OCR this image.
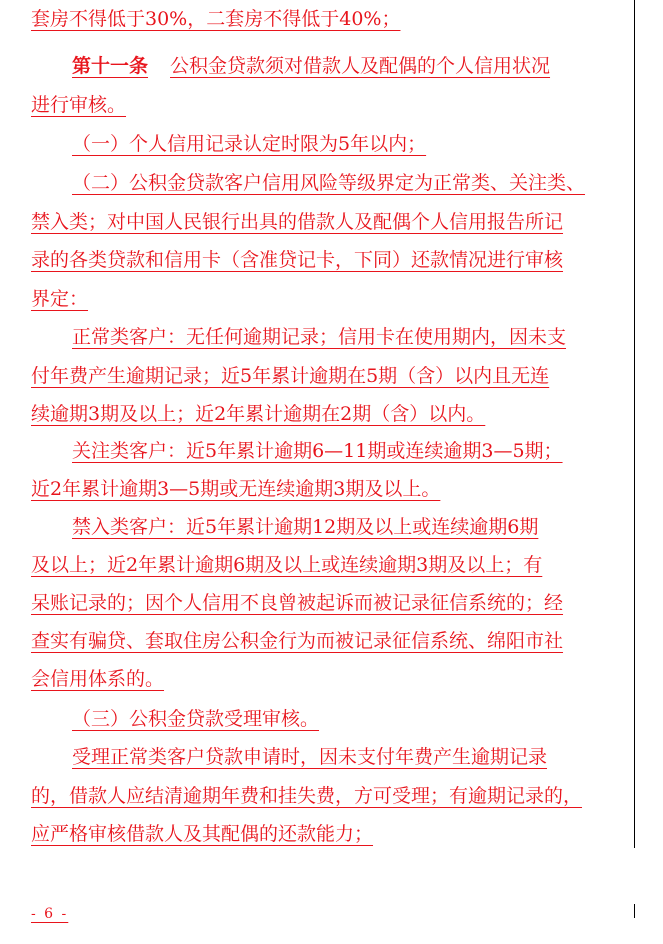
套房不得低于30%，二套房不得低于40%；
第十一条 公积金贷款须对借款人及配偶的个人信用状况
进行审核。
（一）个人信用记录认定时限为5年以内；
（二）公积金贷款客户信用风险等级界定为正常类、关注类、
禁入类；对中国人民银行出具的借款人及配偶个人信用报告所记
录的各类贷款和信用卡（含准贷记卡，下同）还款情况进行审核
界定：
正常类客户：无任何逾期记录；信用卡在使用期内，因未支
付年费产生逾期记录；近5年累计逾期在5期（含）以内且无连
续逾期3期及以上；近2年累计逾期在2期（含）以内。
关注类客户：近5年累计逾期6—11期或连续逾期3—5期；
近2年累计逾期3—5期或无连续逾期3期及以上。
禁入类客户：近5年累计逾期12期及以上或连续逾期6期
及以上；近2年累计逾期6期及以上或连续逾期3期及以上；有
呆账记录的；因个人信用不良曾被起诉而被记录征信系统的；经
查实有骗贷、套取住房公积金行为而被记录征信系统、绵阳市社
会信用体系的。
（三）公积金贷款受理审核。
受理正常类客户贷款申请时，因未支付年费产生逾期记录
的，借款人应结清逾期年费和挂失费，方可受理；有逾期记录的，
应严格审核借款人及其配偶的还款能力；
- 6 -
